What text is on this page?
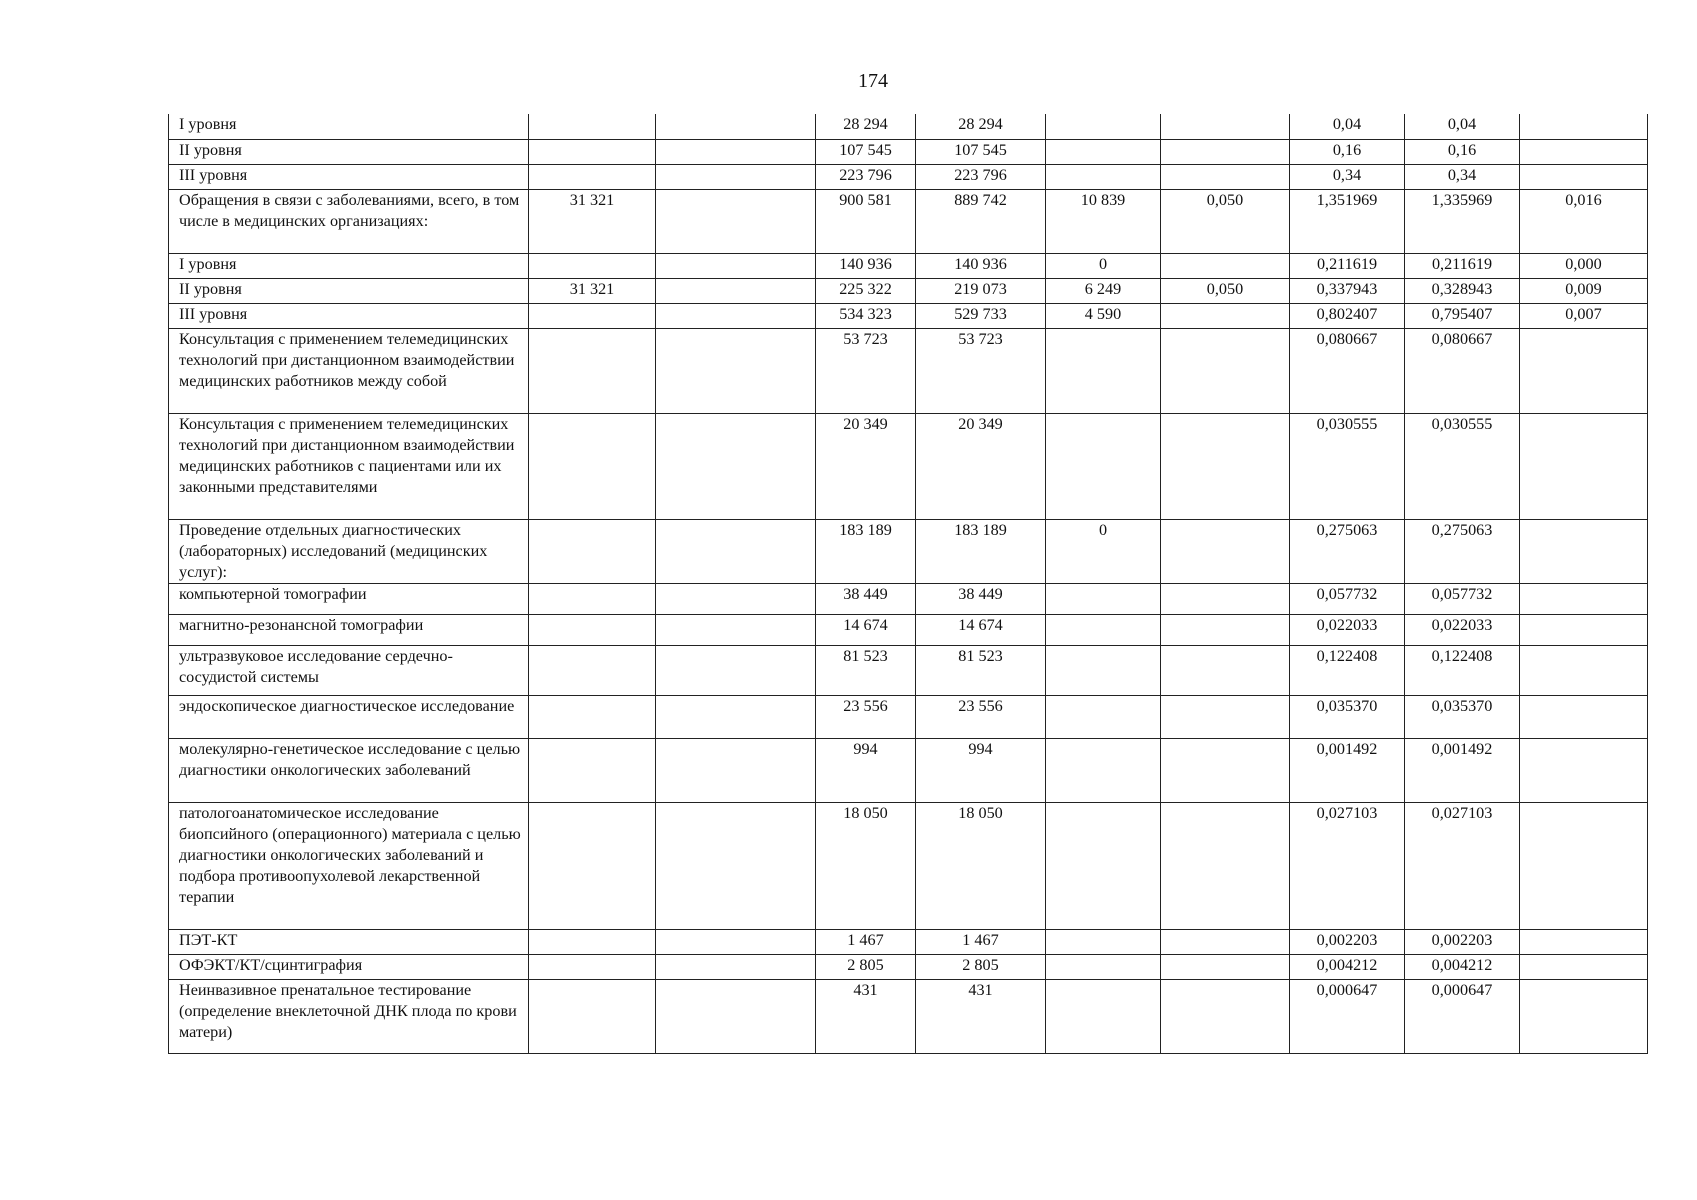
174
I уровня			28 294	28 294			0,04	0,04	
II уровня			107 545	107 545			0,16	0,16	
III уровня			223 796	223 796			0,34	0,34	
Обращения в связи с заболеваниями, всего, в том числе в медицинских организациях:	31 321		900 581	889 742	10 839	0,050	1,351969	1,335969	0,016
I уровня			140 936	140 936	0		0,211619	0,211619	0,000
II уровня	31 321		225 322	219 073	6 249	0,050	0,337943	0,328943	0,009
III уровня			534 323	529 733	4 590		0,802407	0,795407	0,007
Консультация с применением телемедицинских технологий при дистанционном взаимодействии медицинских работников между собой			53 723	53 723			0,080667	0,080667	
Консультация с применением телемедицинских технологий при дистанционном взаимодействии медицинских работников с пациентами или их законными представителями			20 349	20 349			0,030555	0,030555	
Проведение отдельных диагностических (лабораторных) исследований (медицинских услуг):			183 189	183 189	0		0,275063	0,275063	
компьютерной томографии			38 449	38 449			0,057732	0,057732	
магнитно-резонансной томографии			14 674	14 674			0,022033	0,022033	
ультразвуковое исследование сердечно-сосудистой системы			81 523	81 523			0,122408	0,122408	
эндоскопическое диагностическое исследование			23 556	23 556			0,035370	0,035370	
молекулярно-генетическое исследование с целью диагностики онкологических заболеваний			994	994			0,001492	0,001492	
патологоанатомическое исследование биопсийного (операционного) материала с целью диагностики онкологических заболеваний и подбора противоопухолевой лекарственной терапии			18 050	18 050			0,027103	0,027103	
ПЭТ-КТ			1 467	1 467			0,002203	0,002203	
ОФЭКТ/КТ/сцинтиграфия			2 805	2 805			0,004212	0,004212	
Неинвазивное пренатальное тестирование (определение внеклеточной ДНК плода по крови матери)			431	431			0,000647	0,000647	
